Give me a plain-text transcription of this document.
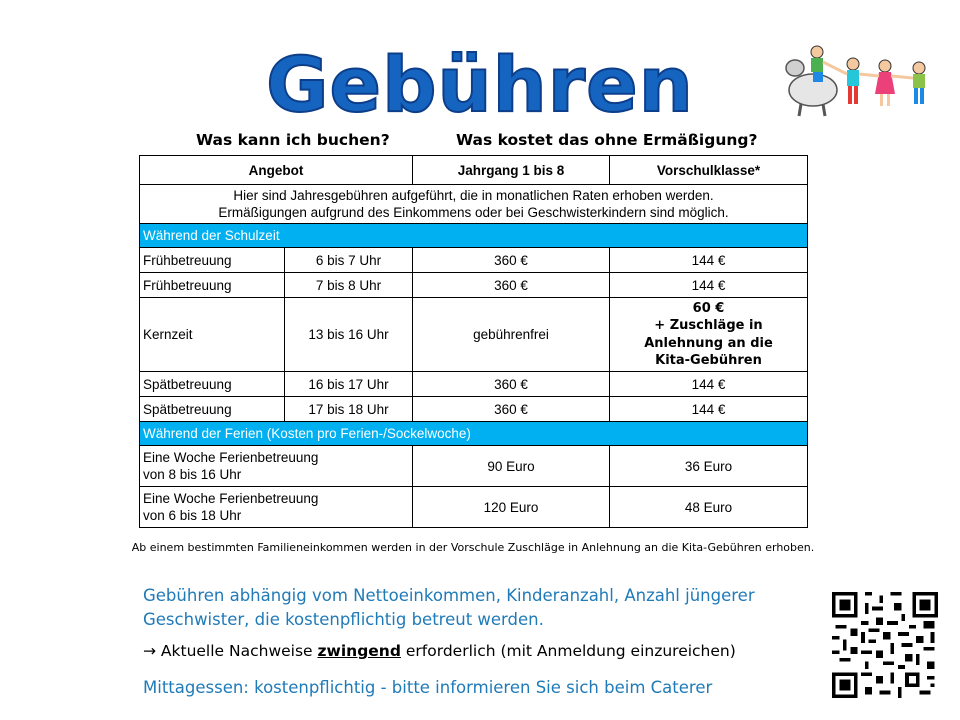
Gebühren
Was kann ich buchen?	Was kostet das ohne Ermäßigung?
Angebot		Jahrgang 1 bis 8	Vorschulklasse*

Hier sind Jahresgebühren aufgeführt, die in monatlichen Raten erhoben werden.
Ermäßigungen aufgrund des Einkommens oder bei Geschwisterkindern sind möglich.			

Während der Schulzeit			
Frühbetreuung	6 bis 7 Uhr	360 €	144 €
Frühbetreuung	7 bis 8 Uhr	360 €	144 €
Kernzeit	13 bis 16 Uhr	gebührenfrei	60 €
+ Zuschläge in
Anlehnung an die
Kita-Gebühren

Spätbetreuung	16 bis 17 Uhr	360 €	144 €
Spätbetreuung	17 bis 18 Uhr	360 €	144 €
Während der Ferien (Kosten pro Ferien-/Sockelwoche)			

Eine Woche Ferienbetreuung
von 8 bis 16 Uhr		90 Euro	36 Euro

Eine Woche Ferienbetreuung
von 6 bis 18 Uhr		120 Euro	48 Euro
Ab einem bestimmten Familieneinkommen werden in der Vorschule Zuschläge in Anlehnung an die Kita-Gebühren erhoben.
Gebühren abhängig vom Nettoeinkommen, Kinderanzahl, Anzahl jüngerer
Geschwister, die kostenpflichtig betreut werden.
→ Aktuelle Nachweise zwingend erforderlich (mit Anmeldung einzureichen)
Mittagessen: kostenpflichtig - bitte informieren Sie sich beim Caterer
